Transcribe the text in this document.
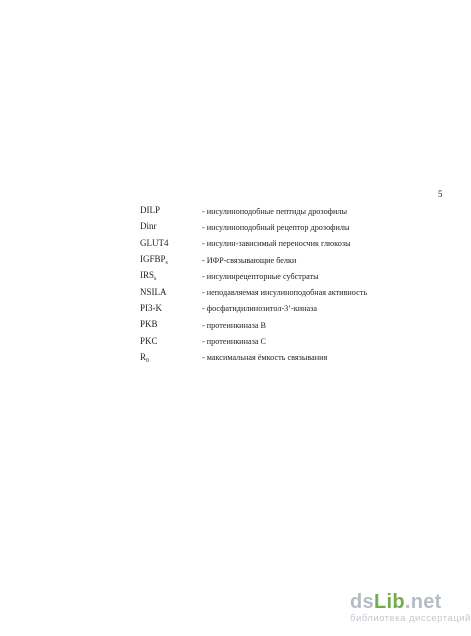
5
DILP	- инсулиноподобные пептиды дрозофилы
Dinr	- инсулиноподобный рецептор дрозофилы
GLUT4	- инсулин-зависимый переносчик глюкозы
$IGFBP_s$	- ИФР-связывающие белки
$IRS_s$	- инсулинрецепторные субстраты
NSILA	- неподавляемая инсулиноподобная активность
PI3-K	- фосфатидилинозитол-3’-киназа
PKB	- протеинкиназа B
PKC	- протеинкиназа C
$R_0$	- максимальная ёмкость связывания
dsLib.net
библиотека диссертаций
